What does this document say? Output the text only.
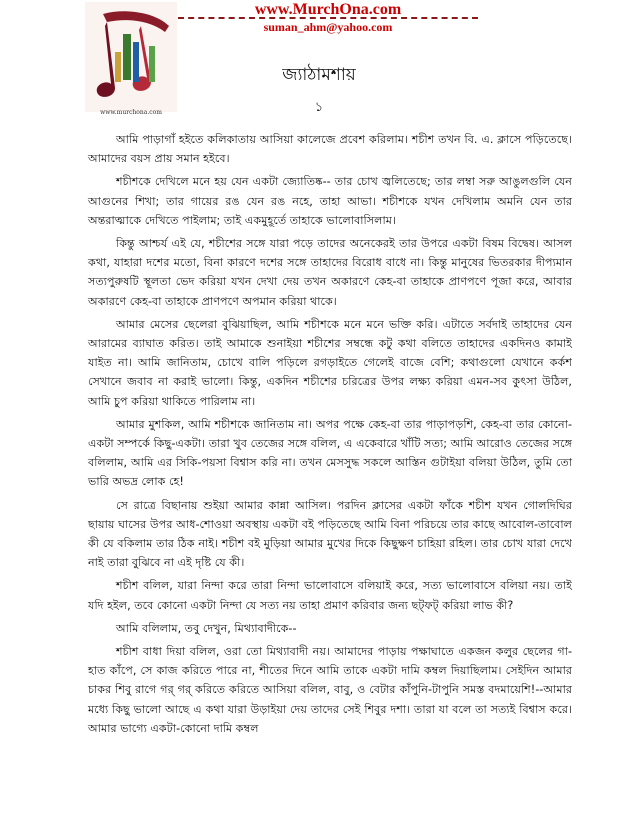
www.murchona.com
www.MurchOna.com
suman_ahm@yahoo.com
জ্যাঠামশায়
১

আমি পাড়াগাঁ হইতে কলিকাতায় আসিয়া কালেজে প্রবেশ করিলাম। শচীশ তখন বি. এ. ক্লাসে পড়িতেছে। আমাদের বয়স প্রায় সমান হইবে।

শচীশকে দেখিলে মনে হয় যেন একটা জ্যোতিষ্ক-- তার চোখ জ্বলিতেছে; তার লম্বা সরু আঙুলগুলি যেন আগুনের শিখা; তার গায়ের রঙ যেন রঙ নহে, তাহা আভা। শচীশকে যখন দেখিলাম অমনি যেন তার অন্তরাত্মাকে দেখিতে পাইলাম; তাই একমুহূর্তে তাহাকে ভালোবাসিলাম।

কিন্তু আশ্চর্য এই যে, শচীশের সঙ্গে যারা পড়ে তাদের অনেকেরই তার উপরে একটা বিষম বিদ্বেষ। আসল কথা, যাহারা দশের মতো, বিনা কারণে দশের সঙ্গে তাহাদের বিরোধ বাধে না। কিন্তু মানুষের ভিতরকার দীপ্যমান সত্যপুরুষটি স্থূলতা ভেদ করিয়া যখন দেখা দেয় তখন অকারণে কেহ-বা তাহাকে প্রাণপণে পূজা করে, আবার অকারণে কেহ-বা তাহাকে প্রাণপণে অপমান করিয়া থাকে।

আমার মেসের ছেলেরা বুঝিয়াছিল, আমি শচীশকে মনে মনে ভক্তি করি। এটাতে সর্বদাই তাহাদের যেন আরামের ব্যাঘাত করিত। তাই আমাকে শুনাইয়া শচীশের সম্বন্ধে কটু কথা বলিতে তাহাদের একদিনও কামাই যাইত না। আমি জানিতাম, চোখে বালি পড়িলে রগড়াইতে গেলেই বাজে বেশি; কথাগুলো যেখানে কর্কশ সেখানে জবাব না করাই ভালো। কিন্তু, একদিন শচীশের চরিত্রের উপর লক্ষ্য করিয়া এমন-সব কুৎসা উঠিল, আমি চুপ করিয়া থাকিতে পারিলাম না।

আমার মুশকিল, আমি শচীশকে জানিতাম না। অপর পক্ষে কেহ-বা তার পাড়াপড়শি, কেহ-বা তার কোনো-একটা সম্পর্কে কিছু-একটা। তারা খুব তেজের সঙ্গে বলিল, এ একেবারে খাঁটি সত্য; আমি আরোও তেজের সঙ্গে বলিলাম, আমি এর সিকি-পয়সা বিশ্বাস করি না। তখন মেসসুদ্ধ সকলে আস্তিন গুটাইয়া বলিয়া উঠিল, তুমি তো ভারি অভদ্র লোক হে!

সে রাত্রে বিছানায় শুইয়া আমার কান্না আসিল। পরদিন ক্লাসের একটা ফাঁকে শচীশ যখন গোলদিঘির ছায়ায় ঘাসের উপর আধ-শোওয়া অবস্থায় একটা বই পড়িতেছে আমি বিনা পরিচয়ে তার কাছে আবোল-তাবোল কী যে বকিলাম তার ঠিক নাই। শচীশ বই মুড়িয়া আমার মুখের দিকে কিছুক্ষণ চাহিয়া রহিল। তার চোখ যারা দেখে নাই তারা বুঝিবে না এই দৃষ্টি যে কী।

শচীশ বলিল, যারা নিন্দা করে তারা নিন্দা ভালোবাসে বলিয়াই করে, সত্য ভালোবাসে বলিয়া নয়। তাই যদি হইল, তবে কোনো একটা নিন্দা যে সত্য নয় তাহা প্রমাণ করিবার জন্য ছট্‌ফট্ করিয়া লাভ কী?

আমি বলিলাম, তবু দেখুন, মিথ্যাবাদীকে--

শচীশ বাধা দিয়া বলিল, ওরা তো মিথ্যাবাদী নয়। আমাদের পাড়ায় পক্ষাঘাতে একজন কলুর ছেলের গা-হাত কাঁপে, সে কাজ করিতে পারে না, শীতের দিনে আমি তাকে একটা দামি কম্বল দিয়াছিলাম। সেইদিন আমার চাকর শিবু রাগে গর্ গর্ করিতে করিতে আসিয়া বলিল, বাবু, ও বেটার কাঁপুনি-টাপুনি সমস্ত বদমায়েশি!--আমার মধ্যে কিছু ভালো আছে এ কথা যারা উড়াইয়া দেয় তাদের সেই শিবুর দশা। তারা যা বলে তা সত্যই বিশ্বাস করে। আমার ভাগ্যে একটা-কোনো দামি কম্বল
